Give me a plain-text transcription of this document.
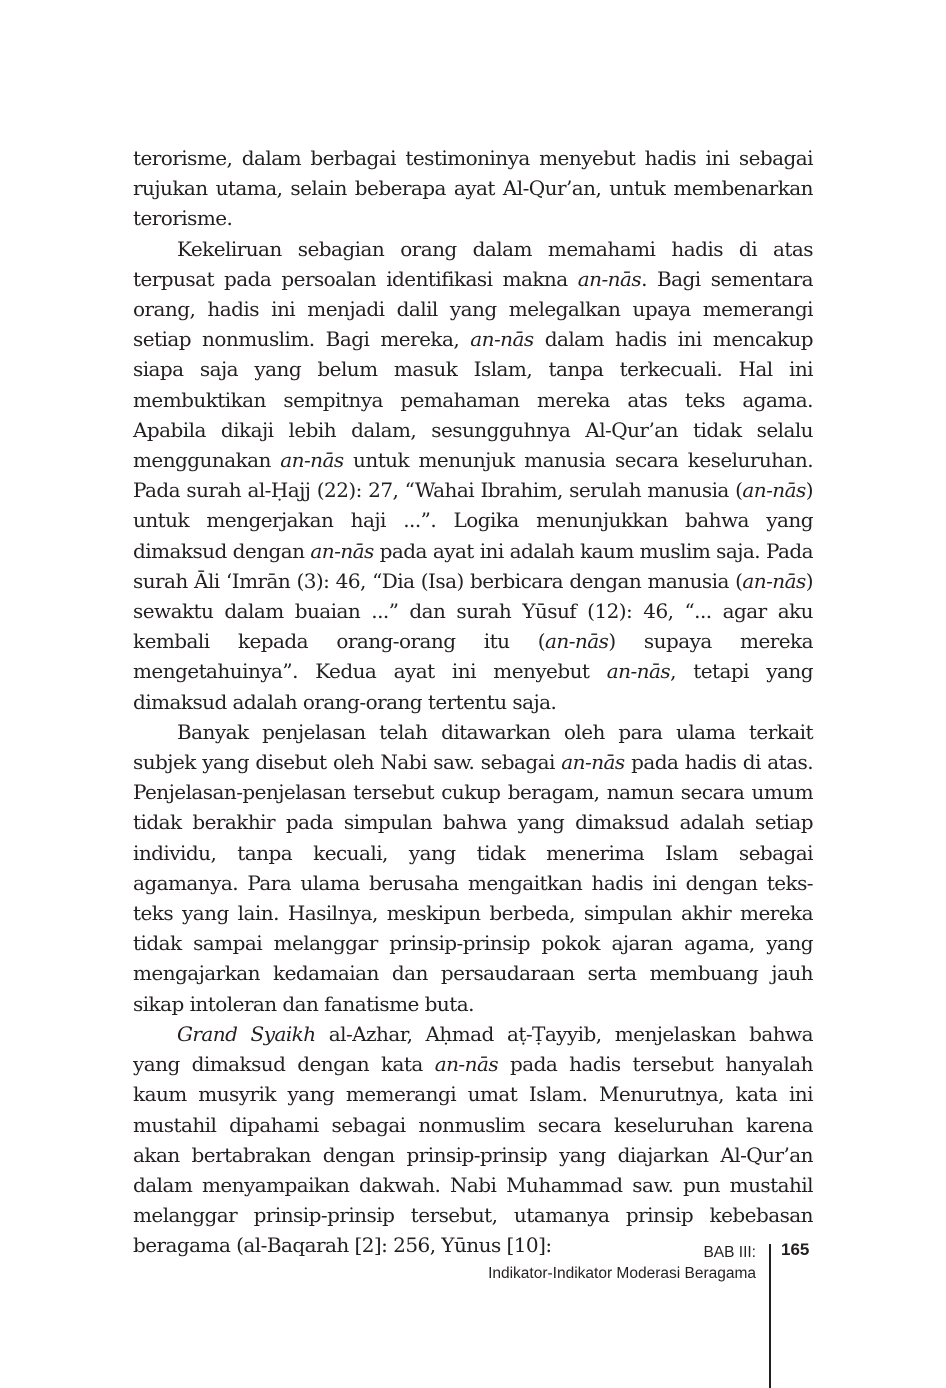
terorisme, dalam berbagai testimoninya menyebut hadis ini sebagai rujukan utama, selain beberapa ayat Al-Qur’an, untuk membenarkan terorisme.

Kekeliruan sebagian orang dalam memahami hadis di atas terpusat pada persoalan identifikasi makna an-nās. Bagi sementara orang, hadis ini menjadi dalil yang melegalkan upaya memerangi setiap nonmuslim. Bagi mereka, an-nās dalam hadis ini mencakup siapa saja yang belum masuk Islam, tanpa terkecuali. Hal ini membuktikan sempitnya pemahaman mereka atas teks agama. Apabila dikaji lebih dalam, sesungguhnya Al-Qur’an tidak selalu menggunakan an-nās untuk menunjuk manusia secara keseluruhan. Pada surah al-Ḥajj (22): 27, “Wahai Ibrahim, serulah manusia (an-nās) untuk mengerjakan haji ...”. Logika menunjukkan bahwa yang dimaksud dengan an-nās pada ayat ini adalah kaum muslim saja. Pada surah Āli ‘Imrān (3): 46, “Dia (Isa) berbicara dengan manusia (an-nās) sewaktu dalam buaian ...” dan surah Yūsuf (12): 46, “... agar aku kembali kepada orang-orang itu (an-nās) supaya mereka mengetahuinya”. Kedua ayat ini menyebut an-nās, tetapi yang dimaksud adalah orang-orang tertentu saja.

Banyak penjelasan telah ditawarkan oleh para ulama terkait subjek yang disebut oleh Nabi saw. sebagai an-nās pada hadis di atas. Penjelasan-penjelasan tersebut cukup beragam, namun secara umum tidak berakhir pada simpulan bahwa yang dimaksud adalah setiap individu, tanpa kecuali, yang tidak menerima Islam sebagai agamanya. Para ulama berusaha mengaitkan hadis ini dengan teks-teks yang lain. Hasilnya, meskipun berbeda, simpulan akhir mereka tidak sampai melanggar prinsip-prinsip pokok ajaran agama, yang mengajarkan kedamaian dan persaudaraan serta membuang jauh sikap intoleran dan fanatisme buta.

Grand Syaikh al-Azhar, Aḥmad aṭ-Ṭayyib, menjelaskan bahwa yang dimaksud dengan kata an-nās pada hadis tersebut hanyalah kaum musyrik yang memerangi umat Islam. Menurutnya, kata ini mustahil dipahami sebagai nonmuslim secara keseluruhan karena akan bertabrakan dengan prinsip-prinsip yang diajarkan Al-Qur’an dalam menyampaikan dakwah. Nabi Muhammad saw. pun mustahil melanggar prinsip-prinsip tersebut, utamanya prinsip kebebasan beragama (al-Baqarah [2]: 256, Yūnus [10]:	BAB III:
Indikator-Indikator Moderasi Beragama
165
